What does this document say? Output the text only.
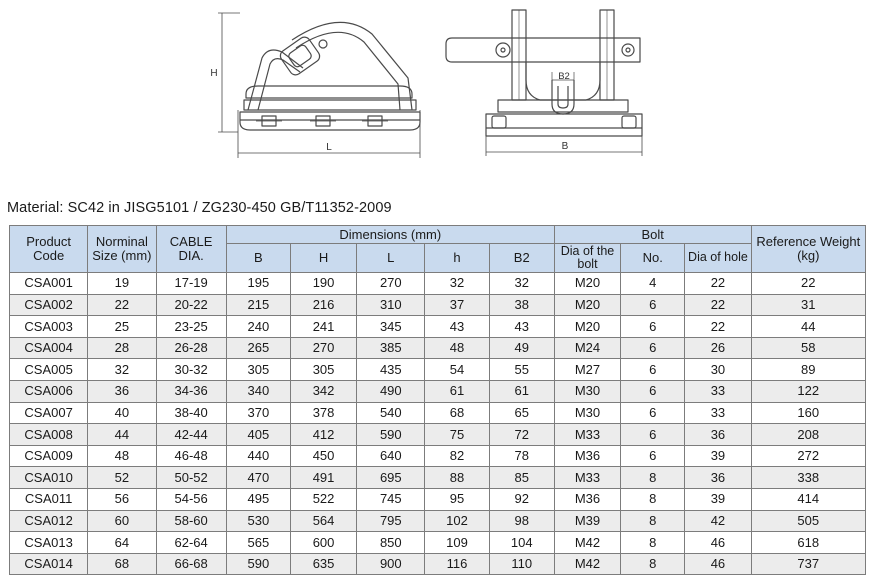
H
L
B2
B
Material: SC42 in JISG5101 / ZG230-450 GB/T11352-2009
Product Code	Norminal Size (mm)	CABLE DIA.	Dimensions (mm)					Bolt			Reference Weight (kg)
			B	H	L	h	B2	Dia of the bolt	No.	Dia of hole	
CSA001	19	17-19	195	190	270	32	32	M20	4	22	22
CSA002	22	20-22	215	216	310	37	38	M20	6	22	31
CSA003	25	23-25	240	241	345	43	43	M20	6	22	44
CSA004	28	26-28	265	270	385	48	49	M24	6	26	58
CSA005	32	30-32	305	305	435	54	55	M27	6	30	89
CSA006	36	34-36	340	342	490	61	61	M30	6	33	122
CSA007	40	38-40	370	378	540	68	65	M30	6	33	160
CSA008	44	42-44	405	412	590	75	72	M33	6	36	208
CSA009	48	46-48	440	450	640	82	78	M36	6	39	272
CSA010	52	50-52	470	491	695	88	85	M33	8	36	338
CSA011	56	54-56	495	522	745	95	92	M36	8	39	414
CSA012	60	58-60	530	564	795	102	98	M39	8	42	505
CSA013	64	62-64	565	600	850	109	104	M42	8	46	618
CSA014	68	66-68	590	635	900	116	110	M42	8	46	737
